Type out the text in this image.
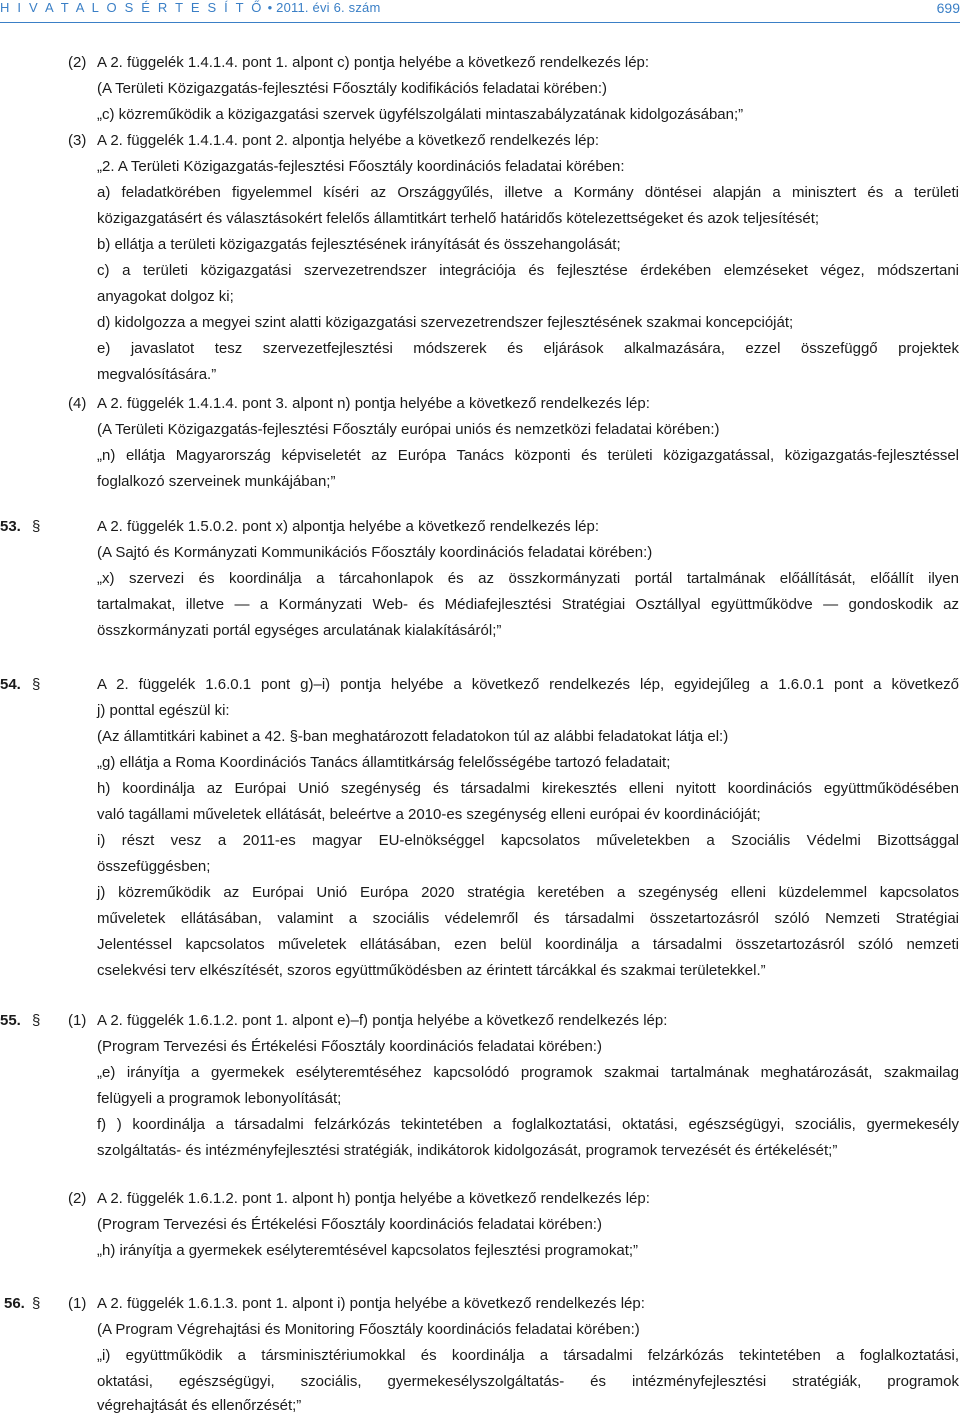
H I V A T A L O S É R T E S Í T Ő • 2011. évi 6. szám	699
(2)
(3)
(4)
(1)
(2)
(1)
53. §
54. §
55. §
56. §
A 2. függelék 1.4.1.4. pont 1. alpont c) pontja helyébe a következő rendelkezés lép:
(A Területi Közigazgatás-fejlesztési Főosztály kodifikációs feladatai körében:)
„c) közreműködik a közigazgatási szervek ügyfélszolgálati mintaszabályzatának kidolgozásában;”
A 2. függelék 1.4.1.4. pont 2. alpontja helyébe a következő rendelkezés lép:
„2. A Területi Közigazgatás-fejlesztési Főosztály koordinációs feladatai körében:
a) feladatkörében figyelemmel kíséri az Országgyűlés, illetve a Kormány döntései alapján a minisztert és a területi
közigazgatásért és választásokért felelős államtitkárt terhelő határidős kötelezettségeket és azok teljesítését;
b) ellátja a területi közigazgatás fejlesztésének irányítását és összehangolását;
c) a területi közigazgatási szervezetrendszer integrációja és fejlesztése érdekében elemzéseket végez, módszertani
anyagokat dolgoz ki;
d) kidolgozza a megyei szint alatti közigazgatási szervezetrendszer fejlesztésének szakmai koncepcióját;
e) javaslatot tesz szervezetfejlesztési módszerek és eljárások alkalmazására, ezzel összefüggő projektek
megvalósítására.”
A 2. függelék 1.4.1.4. pont 3. alpont n) pontja helyébe a következő rendelkezés lép:
(A Területi Közigazgatás-fejlesztési Főosztály európai uniós és nemzetközi feladatai körében:)
„n) ellátja Magyarország képviseletét az Európa Tanács központi és területi közigazgatással, közigazgatás-fejlesztéssel
foglalkozó szerveinek munkájában;”
A 2. függelék 1.5.0.2. pont x) alpontja helyébe a következő rendelkezés lép:
(A Sajtó és Kormányzati Kommunikációs Főosztály koordinációs feladatai körében:)
„x) szervezi és koordinálja a tárcahonlapok és az összkormányzati portál tartalmának előállítását, előállít ilyen
tartalmakat, illetve — a Kormányzati Web- és Médiafejlesztési Stratégiai Osztállyal együttműködve — gondoskodik az
összkormányzati portál egységes arculatának kialakításáról;”
A 2. függelék 1.6.0.1 pont g)–i) pontja helyébe a következő rendelkezés lép, egyidejűleg a 1.6.0.1 pont a következő
j) ponttal egészül ki:
(Az államtitkári kabinet a 42. §-ban meghatározott feladatokon túl az alábbi feladatokat látja el:)
„g) ellátja a Roma Koordinációs Tanács államtitkárság felelősségébe tartozó feladatait;
h) koordinálja az Európai Unió szegénység és társadalmi kirekesztés elleni nyitott koordinációs együttműködésében
való tagállami műveletek ellátását, beleértve a 2010-es szegénység elleni európai év koordinációját;
i) részt vesz a 2011-es magyar EU-elnökséggel kapcsolatos műveletekben a Szociális Védelmi Bizottsággal
összefüggésben;
j) közreműködik az Európai Unió Európa 2020 stratégia keretében a szegénység elleni küzdelemmel kapcsolatos
műveletek ellátásában, valamint a szociális védelemről és társadalmi összetartozásról szóló Nemzeti Stratégiai
Jelentéssel kapcsolatos műveletek ellátásában, ezen belül koordinálja a társadalmi összetartozásról szóló nemzeti
cselekvési terv elkészítését, szoros együttműködésben az érintett tárcákkal és szakmai területekkel.”
A 2. függelék 1.6.1.2. pont 1. alpont e)–f) pontja helyébe a következő rendelkezés lép:
(Program Tervezési és Értékelési Főosztály koordinációs feladatai körében:)
„e) irányítja a gyermekek esélyteremtéséhez kapcsolódó programok szakmai tartalmának meghatározását, szakmailag
felügyeli a programok lebonyolítását;
f) ) koordinálja a társadalmi felzárkózás tekintetében a foglalkoztatási, oktatási, egészségügyi, szociális, gyermekesély
szolgáltatás- és intézményfejlesztési stratégiák, indikátorok kidolgozását, programok tervezését és értékelését;”
A 2. függelék 1.6.1.2. pont 1. alpont h) pontja helyébe a következő rendelkezés lép:
(Program Tervezési és Értékelési Főosztály koordinációs feladatai körében:)
„h) irányítja a gyermekek esélyteremtésével kapcsolatos fejlesztési programokat;”
A 2. függelék 1.6.1.3. pont 1. alpont i) pontja helyébe a következő rendelkezés lép:
(A Program Végrehajtási és Monitoring Főosztály koordinációs feladatai körében:)
„i) együttműködik a társminisztériumokkal és koordinálja a társadalmi felzárkózás tekintetében a foglalkoztatási,
oktatási, egészségügyi, szociális, gyermekesélyszolgáltatás- és intézményfejlesztési stratégiák, programok
végrehajtását és ellenőrzését;”
